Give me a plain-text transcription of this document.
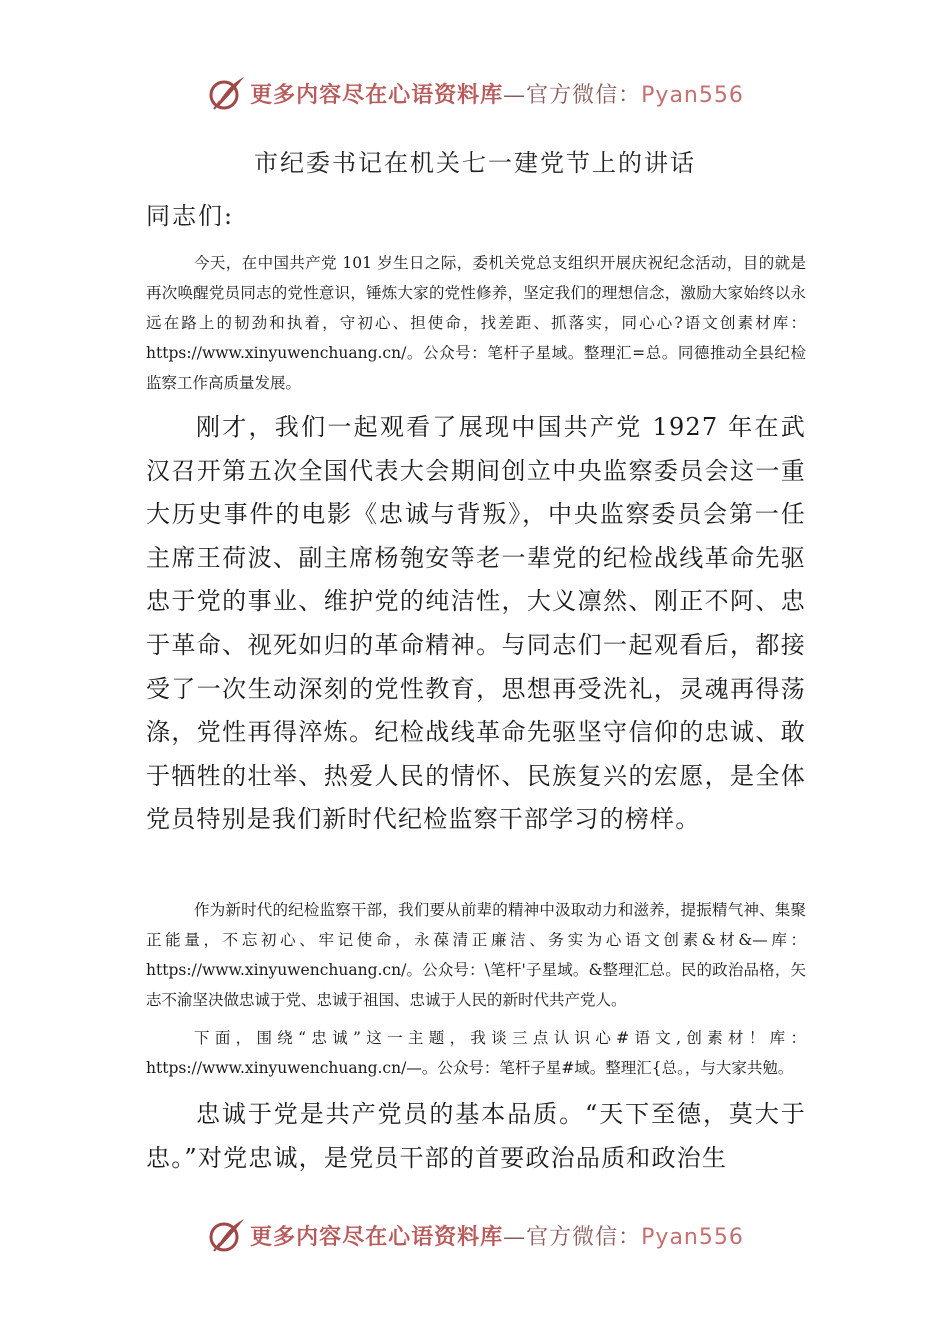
更多内容尽在心语资料库—官方微信：Pyan556
市纪委书记在机关七一建党节上的讲话
同志们:

今天，在中国共产党 101 岁生日之际，委机关党总支组织开展庆祝纪念活动，目的就是再次唤醒党员同志的党性意识，锤炼大家的党性修养，坚定我们的理想信念，激励大家始终以永远在路上的韧劲和执着，守初心、担使命，找差距、抓落实，同心心?语文创素材库：https://www.xinyuwenchuang.cn/。公众号：笔杆子星域。整理汇=总。同德推动全县纪检监察工作高质量发展。

刚才，我们一起观看了展现中国共产党 1927 年在武汉召开第五次全国代表大会期间创立中央监察委员会这一重大历史事件的电影《忠诚与背叛》，中央监察委员会第一任主席王荷波、副主席杨匏安等老一辈党的纪检战线革命先驱忠于党的事业、维护党的纯洁性，大义凛然、刚正不阿、忠于革命、视死如归的革命精神。与同志们一起观看后，都接受了一次生动深刻的党性教育，思想再受洗礼，灵魂再得荡涤，党性再得淬炼。纪检战线革命先驱坚守信仰的忠诚、敢于牺牲的壮举、热爱人民的情怀、民族复兴的宏愿，是全体党员特别是我们新时代纪检监察干部学习的榜样。

作为新时代的纪检监察干部，我们要从前辈的精神中汲取动力和滋养，提振精气神、集聚正能量，不忘初心、牢记使命，永葆清正廉洁、务实为心语文创素&材&—库：https://www.xinyuwenchuang.cn/。公众号：\笔杆'子星域。&整理汇总。民的政治品格，矢志不渝坚决做忠诚于党、忠诚于祖国、忠诚于人民的新时代共产党人。

下面，围绕“忠诚”这一主题，我谈三点认识心#语文,创素材！库：https://www.xinyuwenchuang.cn/—。公众号：笔杆子星#域。整理汇{总。，与大家共勉。

忠诚于党是共产党员的基本品质。“天下至德，莫大于忠。”对党忠诚，是党员干部的首要政治品质和政治生

更多内容尽在心语资料库—官方微信：Pyan556
